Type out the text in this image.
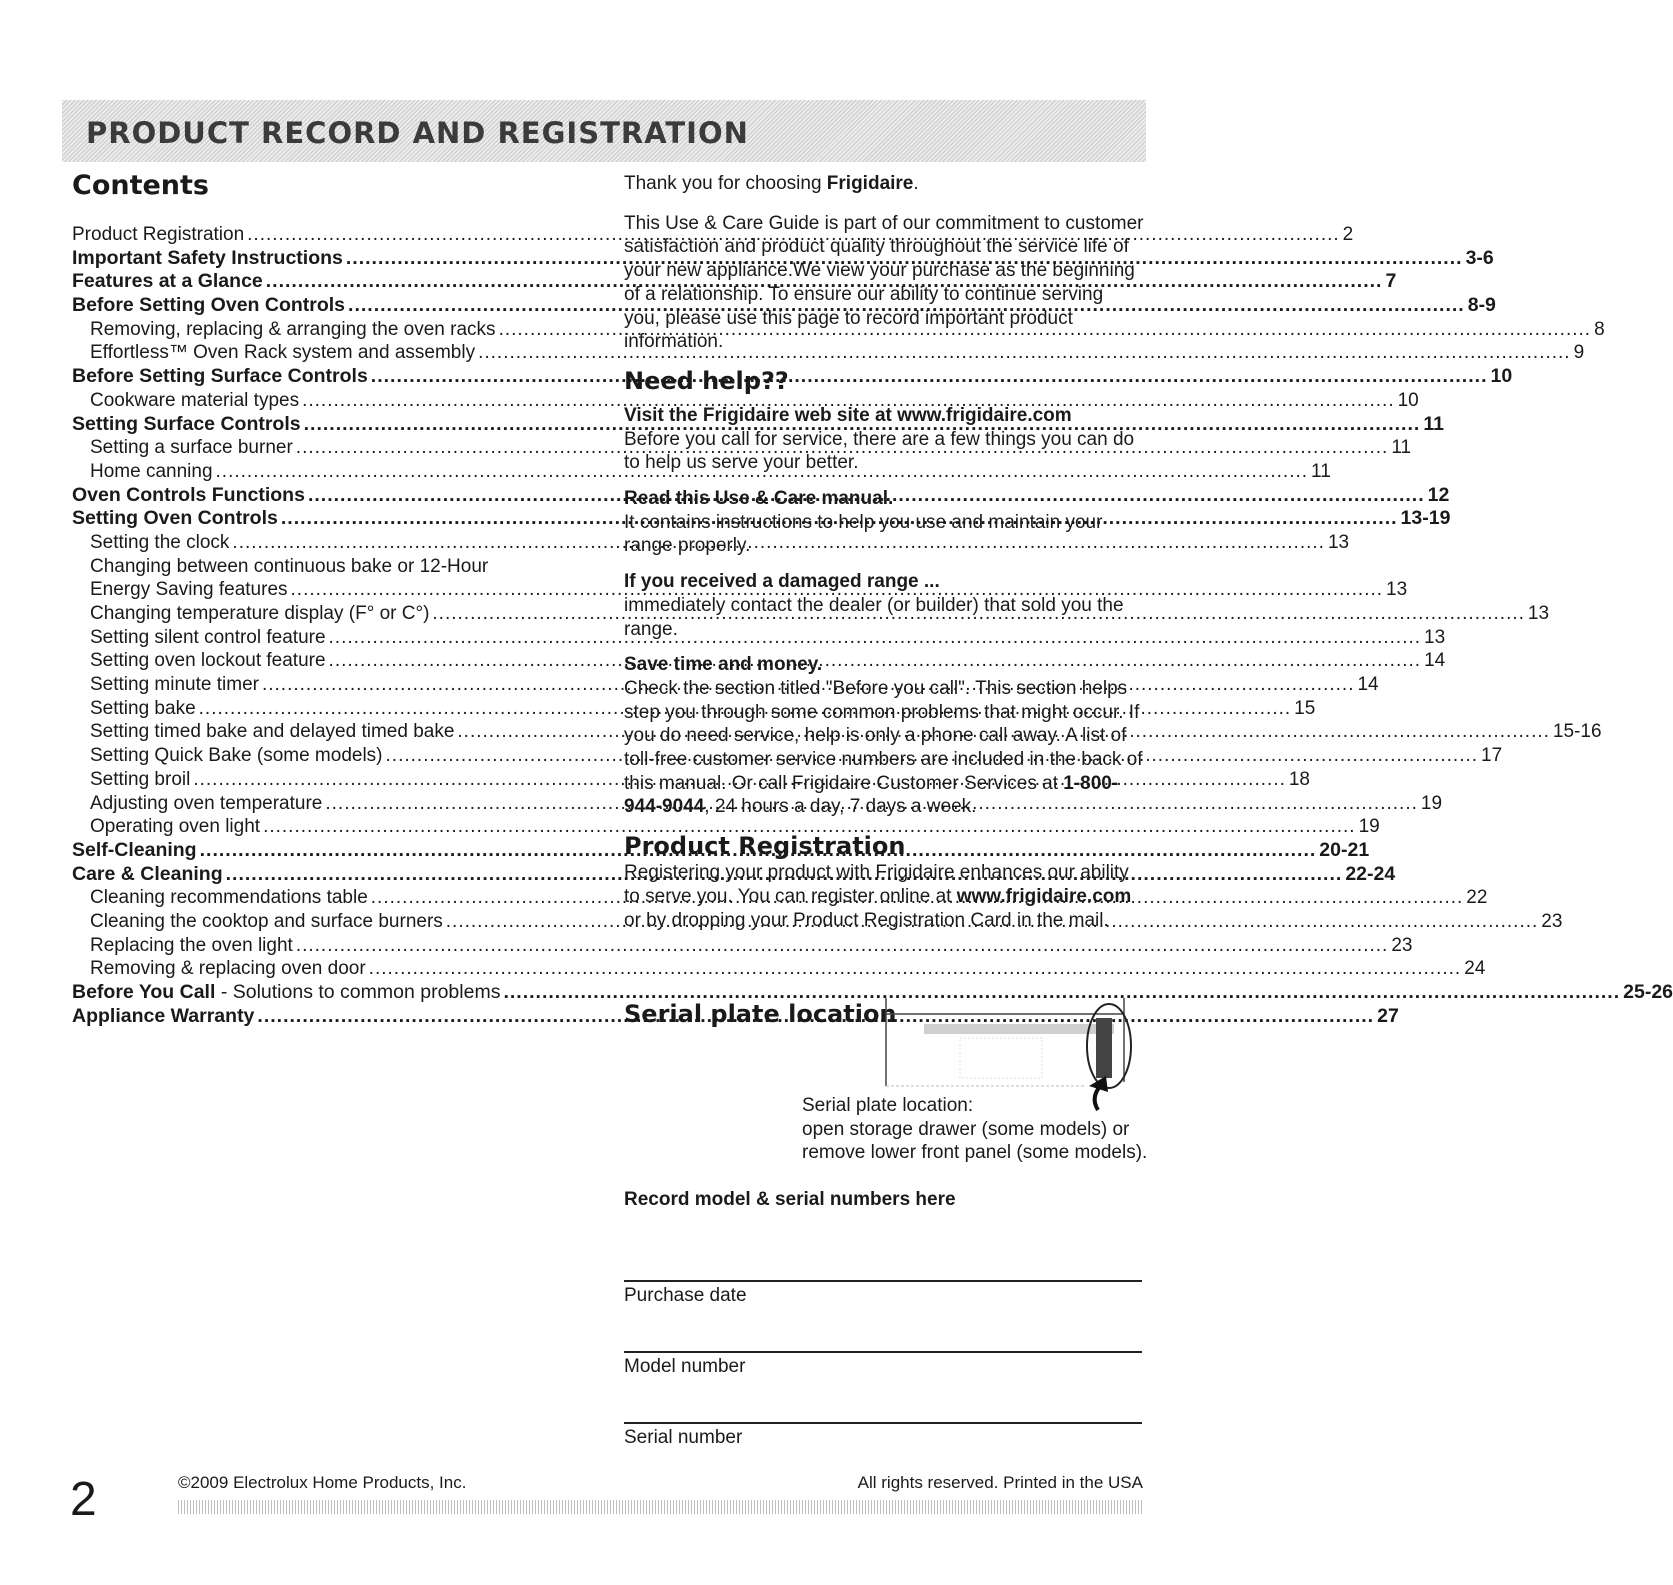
PRODUCT RECORD AND REGISTRATION
Contents
Product Registration .....	2
Important Safety Instructions .....	3-6
Features at a Glance .....	7
Before Setting Oven Controls .....	8-9
Removing, replacing & arranging the oven racks .....	8
Effortless™ Oven Rack system and assembly .....	9
Before Setting Surface Controls .....	10
Cookware material types .....	10
Setting Surface Controls .....	11
Setting a surface burner .....	11
Home canning .....	11
Oven Controls Functions .....	12
Setting Oven Controls .....	13-19
Setting the clock .....	13
Changing between continuous bake or 12-Hour
Energy Saving features .....	13
Changing temperature display (F° or C°) .....	13
Setting silent control feature .....	13
Setting oven lockout feature .....	14
Setting minute timer .....	14
Setting bake .....	15
Setting timed bake and delayed timed bake .....	15-16
Setting Quick Bake (some models) .....	17
Setting broil .....	18
Adjusting oven temperature .....	19
Operating oven light .....	19
Self-Cleaning .....	20-21
Care & Cleaning .....	22-24
Cleaning recommendations table .....	22
Cleaning the cooktop and surface burners .....	23
Replacing the oven light .....	23
Removing & replacing oven door .....	24
Before You Call - Solutions to common problems .....	25-26
Appliance Warranty .....	27

Thank you for choosing Frigidaire.

This Use & Care Guide is part of our commitment to customer satisfaction and product quality throughout the service life of your new appliance.We view your purchase as the beginning of a relationship. To ensure our ability to continue serving you, please use this page to record important product information.

Need help??

Visit the Frigidaire web site at www.frigidaire.com

Before you call for service, there are a few things you can do to help us serve your better.

Read this Use & Care manual.

It contains instructions to help you use and maintain your range properly.

If you received a damaged range ...

immediately contact the dealer (or builder) that sold you the range.

Save time and money.

Check the section titled "Before you call". This section helps step you through some common problems that might occur. If you do need service, help is only a phone call away. A list of toll-free customer service numbers are included in the back of this manual. Or call Frigidaire Customer Services at 1-800-944-9044, 24 hours a day, 7 days a week.

Product Registration

Registering your product with Frigidaire enhances our ability to serve you. You can register online at www.frigidaire.com or by dropping your Product Registration Card in the mail.

Serial plate location

Serial plate location:
open storage drawer (some models) or
remove lower front panel (some models).

Record model & serial numbers here

Purchase date
Model number
Serial number

2	©2009 Electrolux Home Products, Inc.	All rights reserved. Printed in the USA
